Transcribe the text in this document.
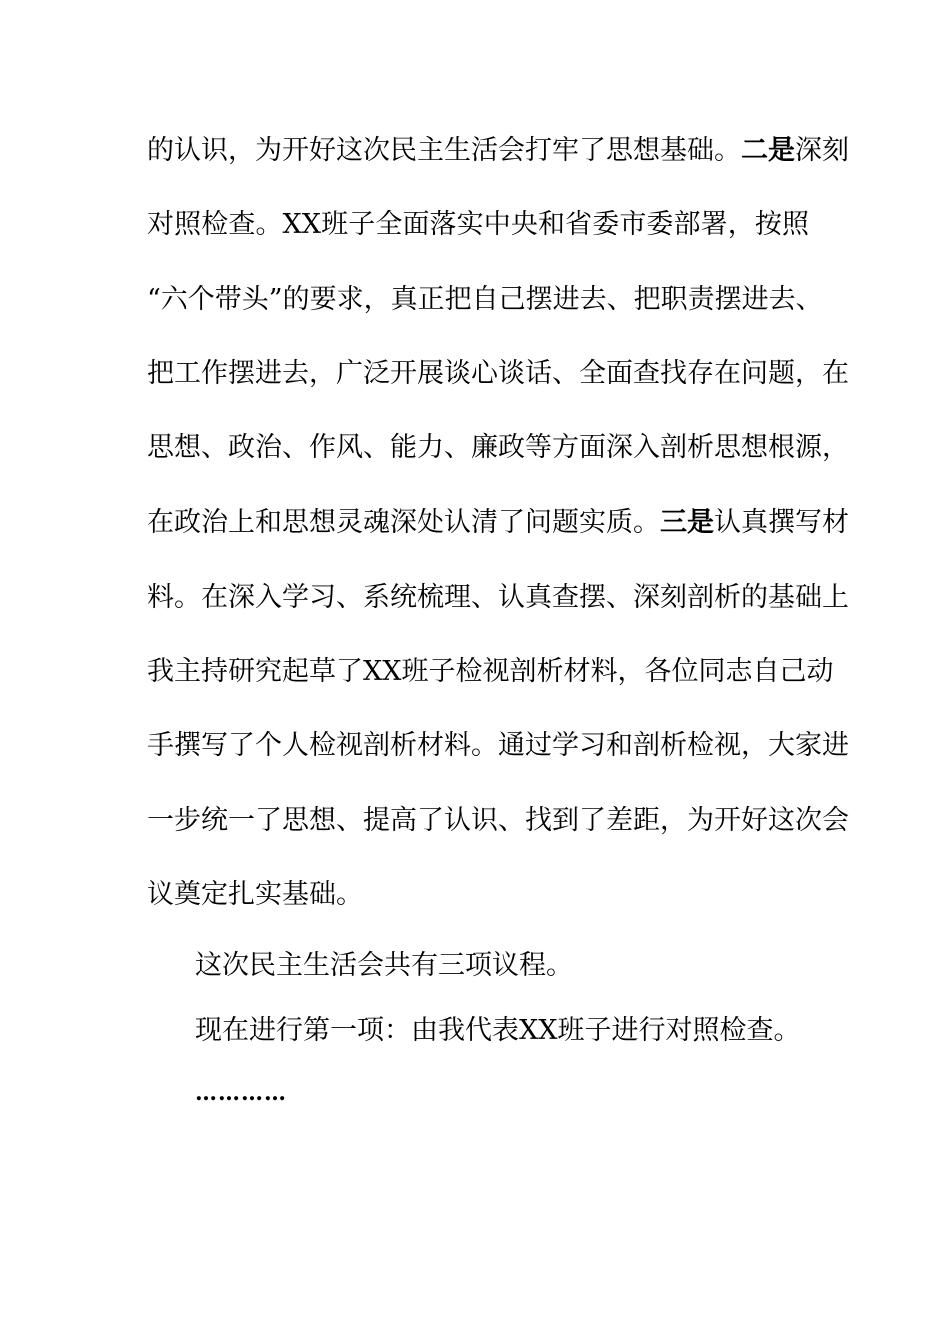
的认识，为开好这次民主生活会打牢了思想基础。二是深刻
对照检查。XX班子全面落实中央和省委市委部署，按照
“六个带头”的要求，真正把自己摆进去、把职责摆进去、
把工作摆进去，广泛开展谈心谈话、全面查找存在问题，在
思想、政治、作风、能力、廉政等方面深入剖析思想根源，
在政治上和思想灵魂深处认清了问题实质。三是认真撰写材
料。在深入学习、系统梳理、认真查摆、深刻剖析的基础上
我主持研究起草了XX班子检视剖析材料，各位同志自己动
手撰写了个人检视剖析材料。通过学习和剖析检视，大家进
一步统一了思想、提高了认识、找到了差距，为开好这次会
议奠定扎实基础。
这次民主生活会共有三项议程。
现在进行第一项：由我代表XX班子进行对照检查。
…………
